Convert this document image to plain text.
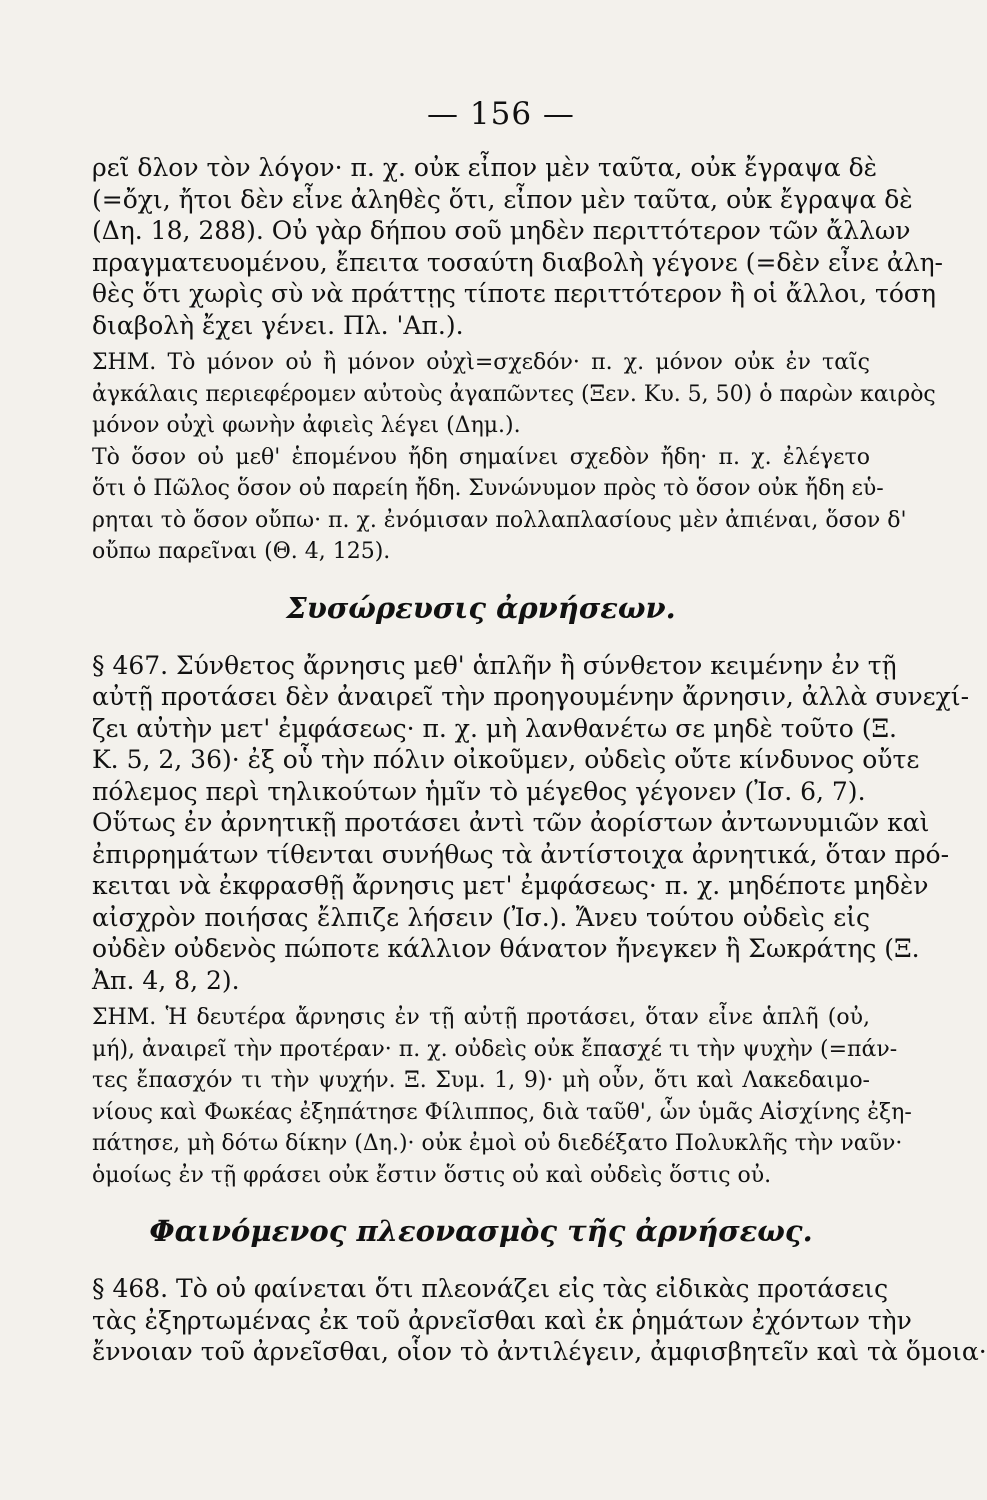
— 156 —
ρεῖ δλον τὸν λόγον· π. χ. οὐκ εἶπον μὲν ταῦτα, οὐκ ἔγραψα δὲ
(=ὄχι, ἤτοι δὲν εἶνε ἀληθὲς ὅτι, εἶπον μὲν ταῦτα, οὐκ ἔγραψα δὲ
(Δη. 18, 288). Οὐ γὰρ δήπου σοῦ μηδὲν περιττότερον τῶν ἄλλων
πραγματευομένου, ἔπειτα τοσαύτη διαβολὴ γέγονε (=δὲν εἶνε ἀλη-
θὲς ὅτι χωρὶς σὺ νὰ πράττῃς τίποτε περιττότερον ἢ οἱ ἄλλοι, τόση
διαβολὴ ἔχει γένει. Πλ. 'Απ.).
ΣΗΜ. Τὸ μόνον οὐ ἢ μόνον οὐχὶ=σχεδόν· π. χ. μόνον οὐκ ἐν ταῖς
ἀγκάλαις περιεφέρομεν αὐτοὺς ἀγαπῶντες (Ξεν. Κυ. 5, 50) ὁ παρὼν καιρὸς
μόνον οὐχὶ φωνὴν ἀφιεὶς λέγει (Δημ.).
Τὸ ὅσον οὐ μεθ' ἑπομένου ἤδη σημαίνει σχεδὸν ἤδη· π. χ. ἐλέγετο
ὅτι ὁ Πῶλος ὅσον οὐ παρείη ἤδη. Συνώνυμον πρὸς τὸ ὅσον οὐκ ἤδη εὑ-
ρηται τὸ ὅσον οὔπω· π. χ. ἐνόμισαν πολλαπλασίους μὲν ἀπιέναι, ὅσον δ'
οὔπω παρεῖναι (Θ. 4, 125).
Συσώρευσις ἀρνήσεων.
§ 467. Σύνθετος ἄρνησις μεθ' ἁπλῆν ἢ σύνθετον κειμένην ἐν τῇ
αὐτῇ προτάσει δὲν ἀναιρεῖ τὴν προηγουμένην ἄρνησιν, ἀλλὰ συνεχί-
ζει αὐτὴν μετ' ἐμφάσεως· π. χ. μὴ λανθανέτω σε μηδὲ τοῦτο (Ξ.
Κ. 5, 2, 36)· ἐξ οὗ τὴν πόλιν οἰκοῦμεν, οὐδεὶς οὔτε κίνδυνος οὔτε
πόλεμος περὶ τηλικούτων ἡμῖν τὸ μέγεθος γέγονεν (Ἰσ. 6, 7).
Οὕτως ἐν ἀρνητικῇ προτάσει ἀντὶ τῶν ἀορίστων ἀντωνυμιῶν καὶ
ἐπιρρημάτων τίθενται συνήθως τὰ ἀντίστοιχα ἀρνητικά, ὅταν πρό-
κειται νὰ ἐκφρασθῇ ἄρνησις μετ' ἐμφάσεως· π. χ. μηδέποτε μηδὲν
αἰσχρὸν ποιήσας ἔλπιζε λήσειν (Ἰσ.). Ἄνευ τούτου οὐδεὶς εἰς
οὐδὲν οὐδενὸς πώποτε κάλλιον θάνατον ἤνεγκεν ἢ Σωκράτης (Ξ.
Ἀπ. 4, 8, 2).
ΣΗΜ. Ἡ δευτέρα ἄρνησις ἐν τῇ αὐτῇ προτάσει, ὅταν εἶνε ἁπλῆ (οὐ,
μή), ἀναιρεῖ τὴν προτέραν· π. χ. οὐδεὶς οὐκ ἔπασχέ τι τὴν ψυχὴν (=πάν-
τες ἔπασχόν τι τὴν ψυχήν. Ξ. Συμ. 1, 9)· μὴ οὖν, ὅτι καὶ Λακεδαιμο-
νίους καὶ Φωκέας ἐξηπάτησε Φίλιππος, διὰ ταῦθ', ὧν ὑμᾶς Αἰσχίνης ἐξη-
πάτησε, μὴ δότω δίκην (Δη.)· οὐκ ἐμοὶ οὐ διεδέξατο Πολυκλῆς τὴν ναῦν·
ὁμοίως ἐν τῇ φράσει οὐκ ἔστιν ὅστις οὐ καὶ οὐδεὶς ὅστις οὐ.
Φαινόμενος πλεονασμὸς τῆς ἀρνήσεως.
§ 468. Τὸ οὐ φαίνεται ὅτι πλεονάζει εἰς τὰς εἰδικὰς προτάσεις
τὰς ἐξηρτωμένας ἐκ τοῦ ἀρνεῖσθαι καὶ ἐκ ῥημάτων ἐχόντων τὴν
ἔννοιαν τοῦ ἀρνεῖσθαι, οἷον τὸ ἀντιλέγειν, ἀμφισβητεῖν καὶ τὰ ὅμοια·
